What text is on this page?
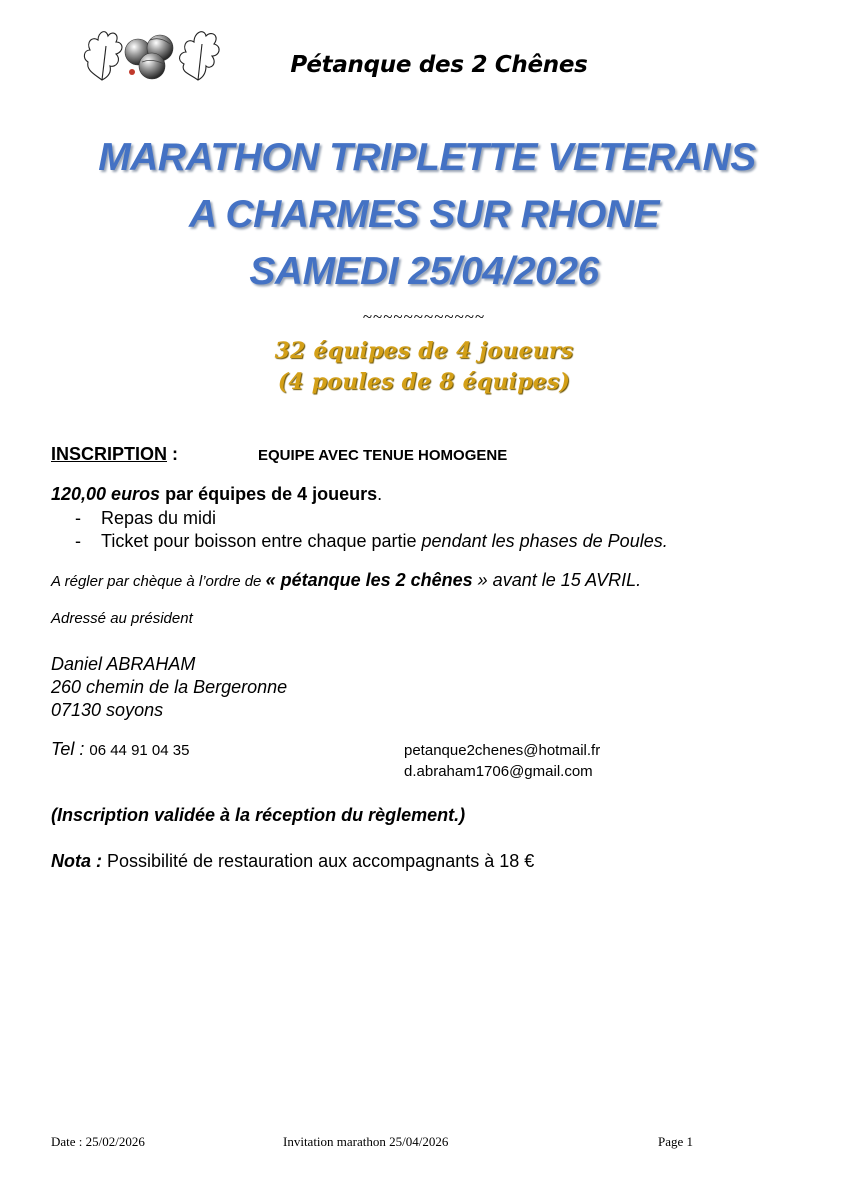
Pétanque des 2 Chênes
MARATHON TRIPLETTE VETERANS
A CHARMES SUR RHONE
SAMEDI 25/04/2026
~~~~~~~~~~~~
32 équipes de 4 joueurs
(4 poules de 8 équipes)
INSCRIPTION :	EQUIPE AVEC TENUE HOMOGENE
120,00 euros par équipes de 4 joueurs.
- Repas du midi
- Ticket pour boisson entre chaque partie pendant les phases de Poules.
A régler par chèque à l’ordre de « pétanque les 2 chênes » avant le 15 AVRIL.
Adressé au président
Daniel ABRAHAM
260 chemin de la Bergeronne
07130 soyons
Tel : 06 44 91 04 35	petanque2chenes@hotmail.fr
d.abraham1706@gmail.com
(Inscription validée à la réception du règlement.)
Nota : Possibilité de restauration aux accompagnants à 18 €
Date : 25/02/2026	Invitation marathon 25/04/2026	Page 1
